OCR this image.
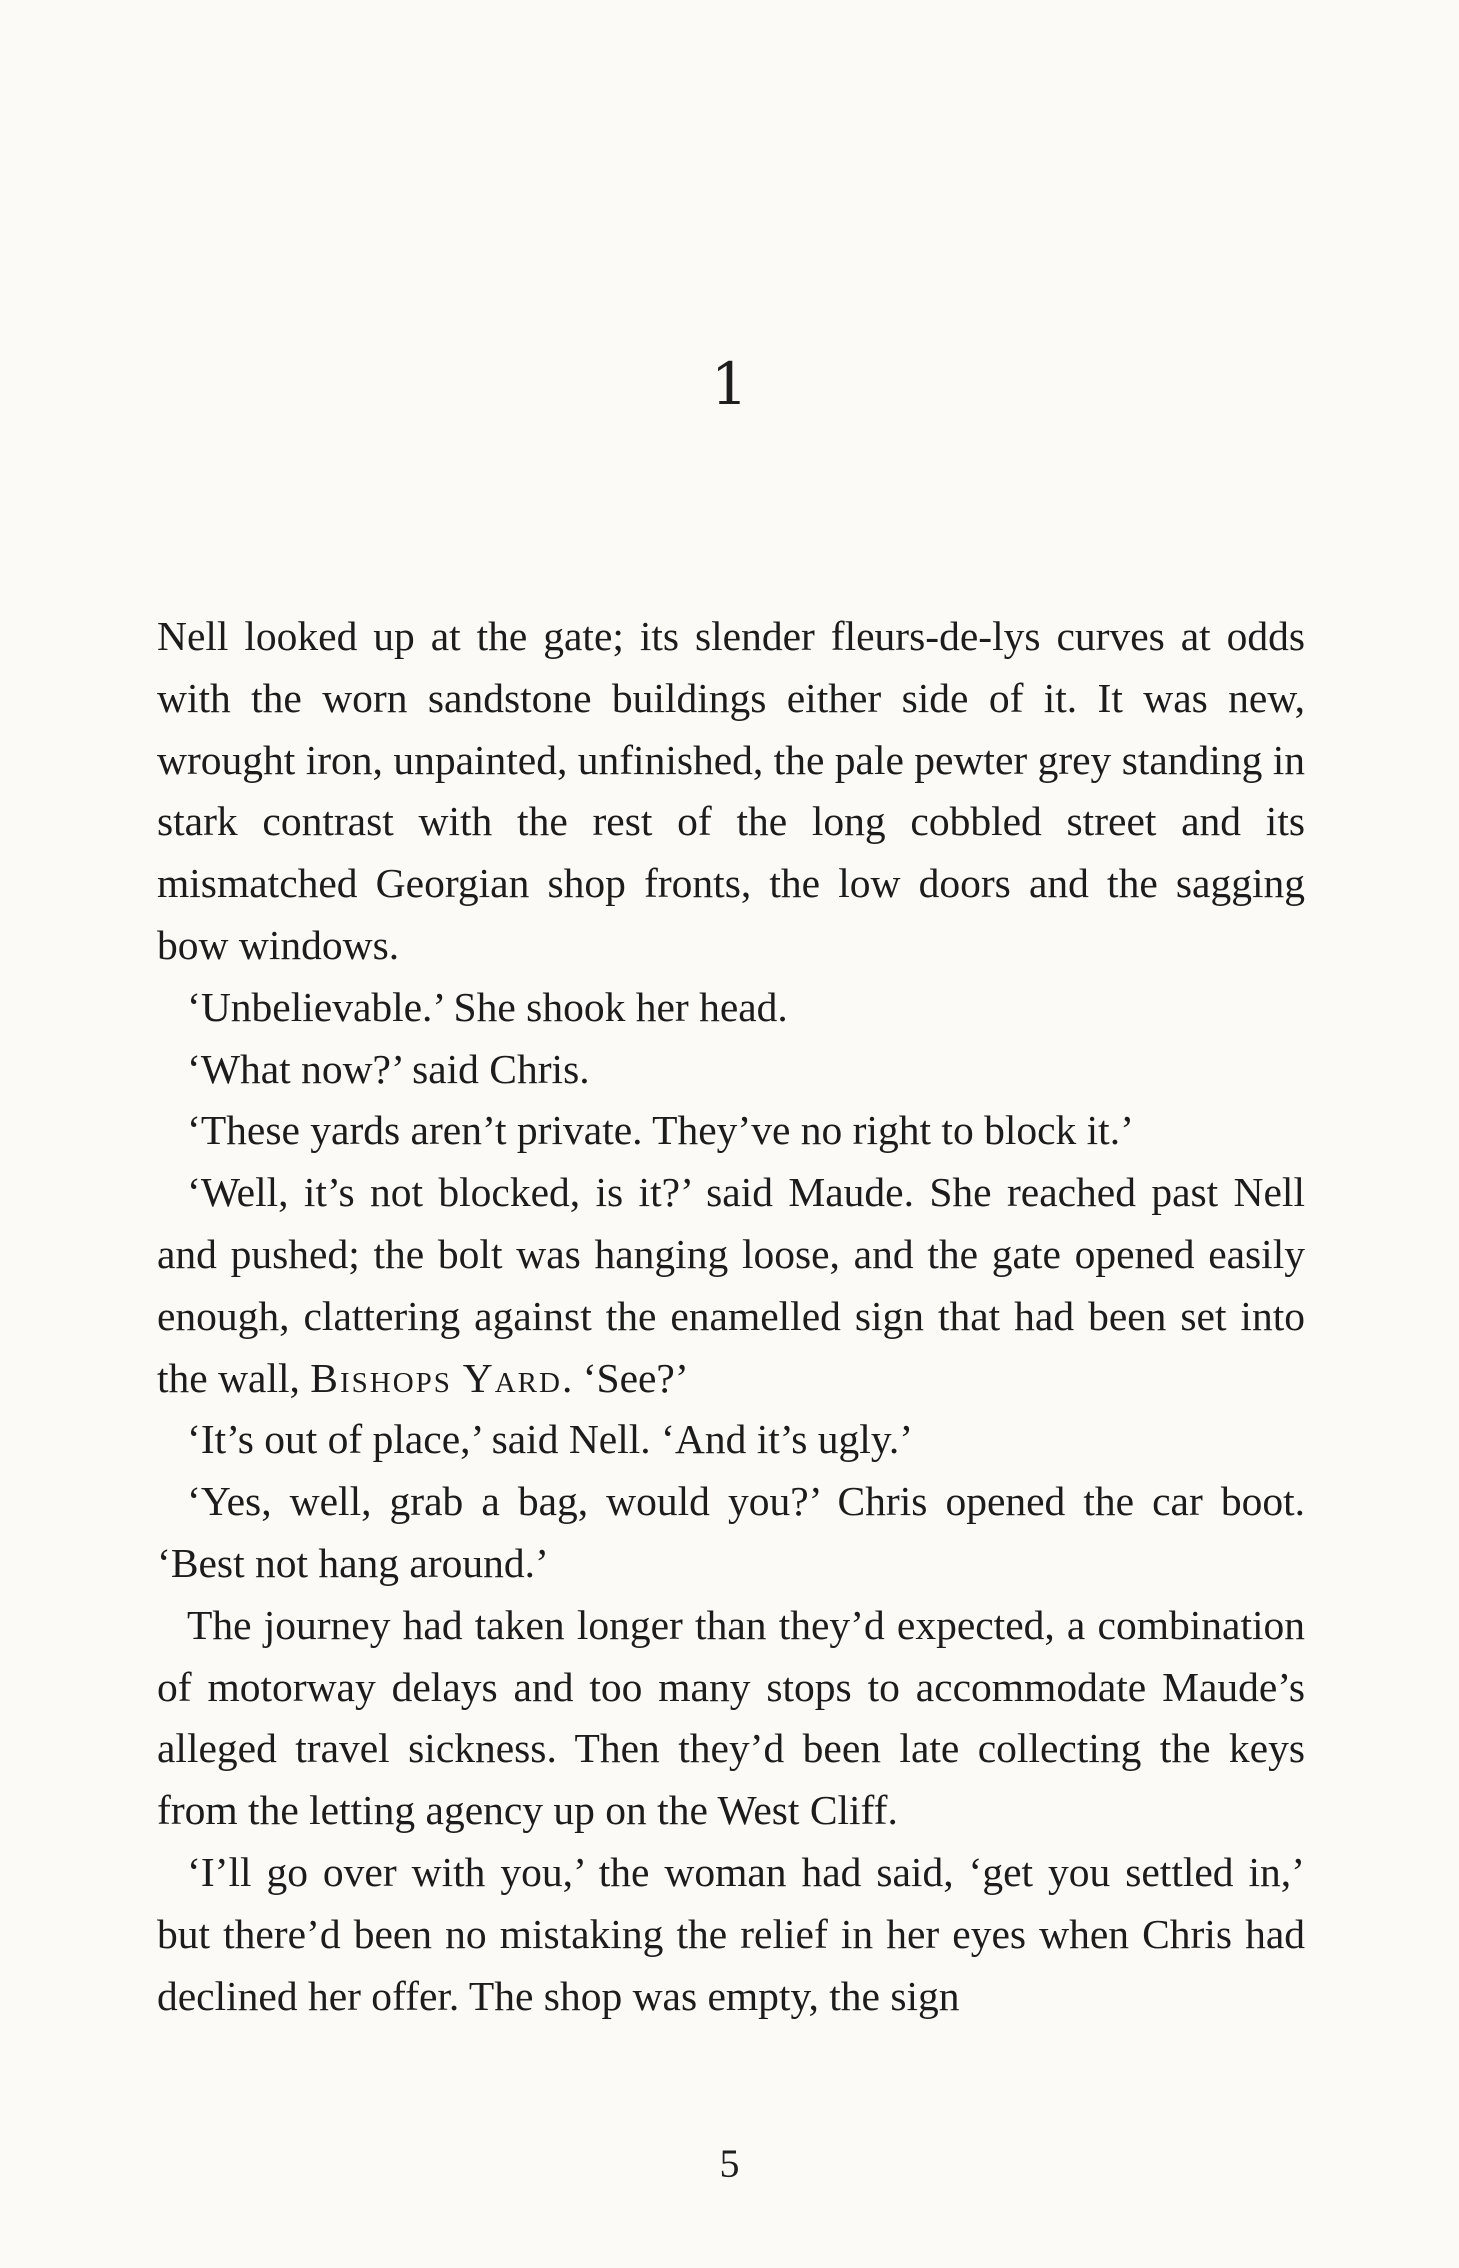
1

Nell looked up at the gate; its slender fleurs-de-lys curves at odds with the worn sandstone buildings either side of it. It was new, wrought iron, unpainted, unfinished, the pale pewter grey standing in stark contrast with the rest of the long cobbled street and its mismatched Georgian shop fronts, the low doors and the sagging bow windows.

‘Unbelievable.’ She shook her head.

‘What now?’ said Chris.

‘These yards aren’t private. They’ve no right to block it.’

‘Well, it’s not blocked, is it?’ said Maude. She reached past Nell and pushed; the bolt was hanging loose, and the gate opened easily enough, clattering against the enamelled sign that had been set into the wall, Bishops Yard. ‘See?’

‘It’s out of place,’ said Nell. ‘And it’s ugly.’

‘Yes, well, grab a bag, would you?’ Chris opened the car boot. ‘Best not hang around.’

The journey had taken longer than they’d expected, a combination of motorway delays and too many stops to accommodate Maude’s alleged travel sickness. Then they’d been late collecting the keys from the letting agency up on the West Cliff.

‘I’ll go over with you,’ the woman had said, ‘get you settled in,’ but there’d been no mistaking the relief in her eyes when Chris had declined her offer. The shop was empty, the sign

5
